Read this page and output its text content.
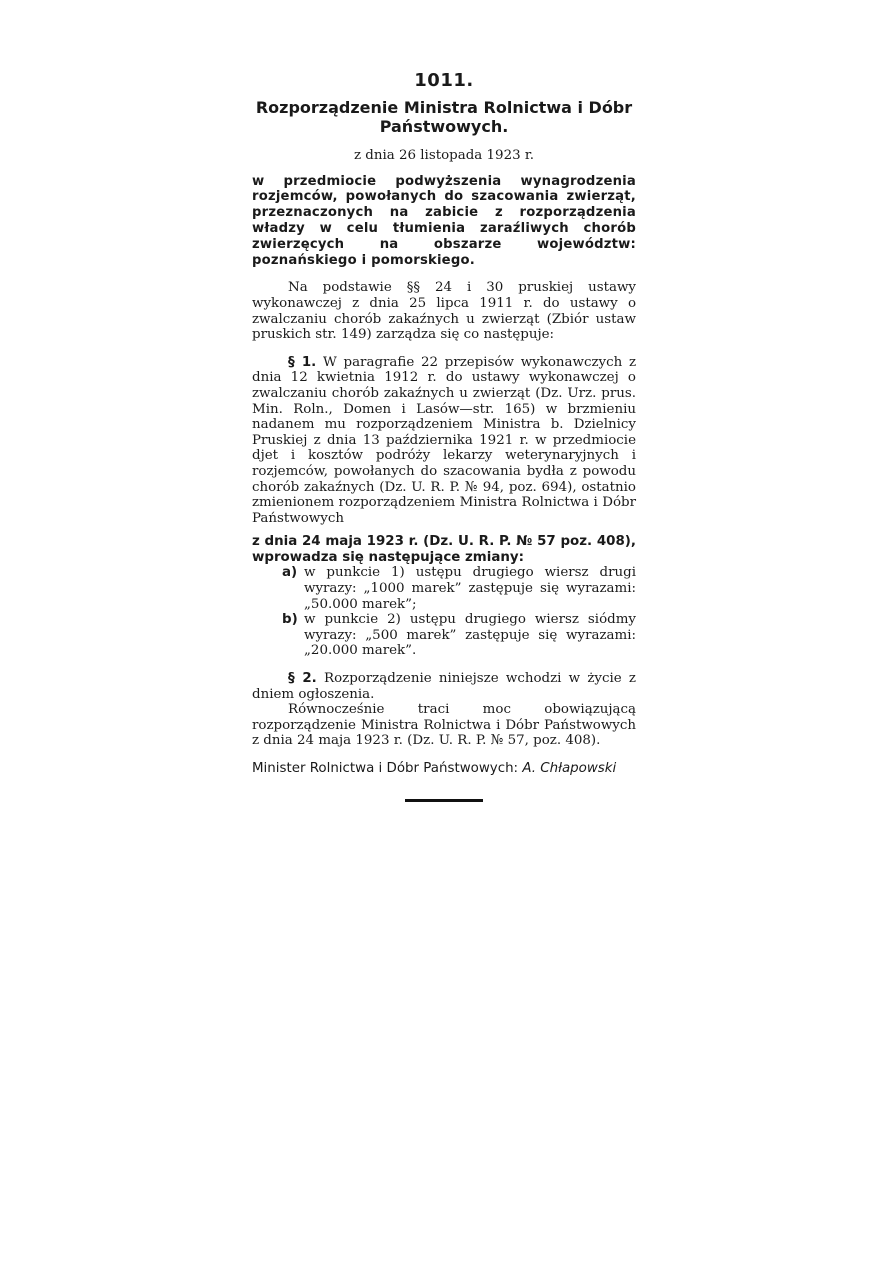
1011.
Rozporządzenie Ministra Rolnictwa i Dóbr Państwowych.
z dnia 26 listopada 1923 r.
w przedmiocie podwyższenia wynagrodzenia rozjemców, powołanych do szacowania zwierząt, przeznaczonych na zabicie z rozporządzenia władzy w celu tłumienia zaraźliwych chorób zwierzęcych na obszarze województw: poznańskiego i pomorskiego.

Na podstawie §§ 24 i 30 pruskiej ustawy wykonawczej z dnia 25 lipca 1911 r. do ustawy o zwalczaniu chorób zakaźnych u zwierząt (Zbiór ustaw pruskich str. 149) zarządza się co następuje:

§ 1. W paragrafie 22 przepisów wykonawczych z dnia 12 kwietnia 1912 r. do ustawy wykonawczej o zwalczaniu chorób zakaźnych u zwierząt (Dz. Urz. prus. Min. Roln., Domen i Lasów—str. 165) w brzmieniu nadanem mu rozporządzeniem Ministra b. Dzielnicy Pruskiej z dnia 13 października 1921 r. w przedmiocie djet i kosztów podróży lekarzy weterynaryjnych i rozjemców, powołanych do szacowania bydła z powodu chorób zakaźnych (Dz. U. R. P. № 94, poz. 694), ostatnio zmienionem rozporządzeniem Ministra Rolnictwa i Dóbr Państwowych

z dnia 24 maja 1923 r. (Dz. U. R. P. № 57 poz. 408), wprowadza się następujące zmiany:

a) w punkcie 1) ustępu drugiego wiersz drugi wyrazy: „1000 marek” zastępuje się wyrazami: „50.000 marek”;
b) w punkcie 2) ustępu drugiego wiersz siódmy wyrazy: „500 marek” zastępuje się wyrazami: „20.000 marek”.

§ 2. Rozporządzenie niniejsze wchodzi w życie z dniem ogłoszenia.

Równocześnie traci moc obowiązującą rozporządzenie Ministra Rolnictwa i Dóbr Państwowych z dnia 24 maja 1923 r. (Dz. U. R. P. № 57, poz. 408).

Minister Rolnictwa i Dóbr Państwowych: A. Chłapowski
